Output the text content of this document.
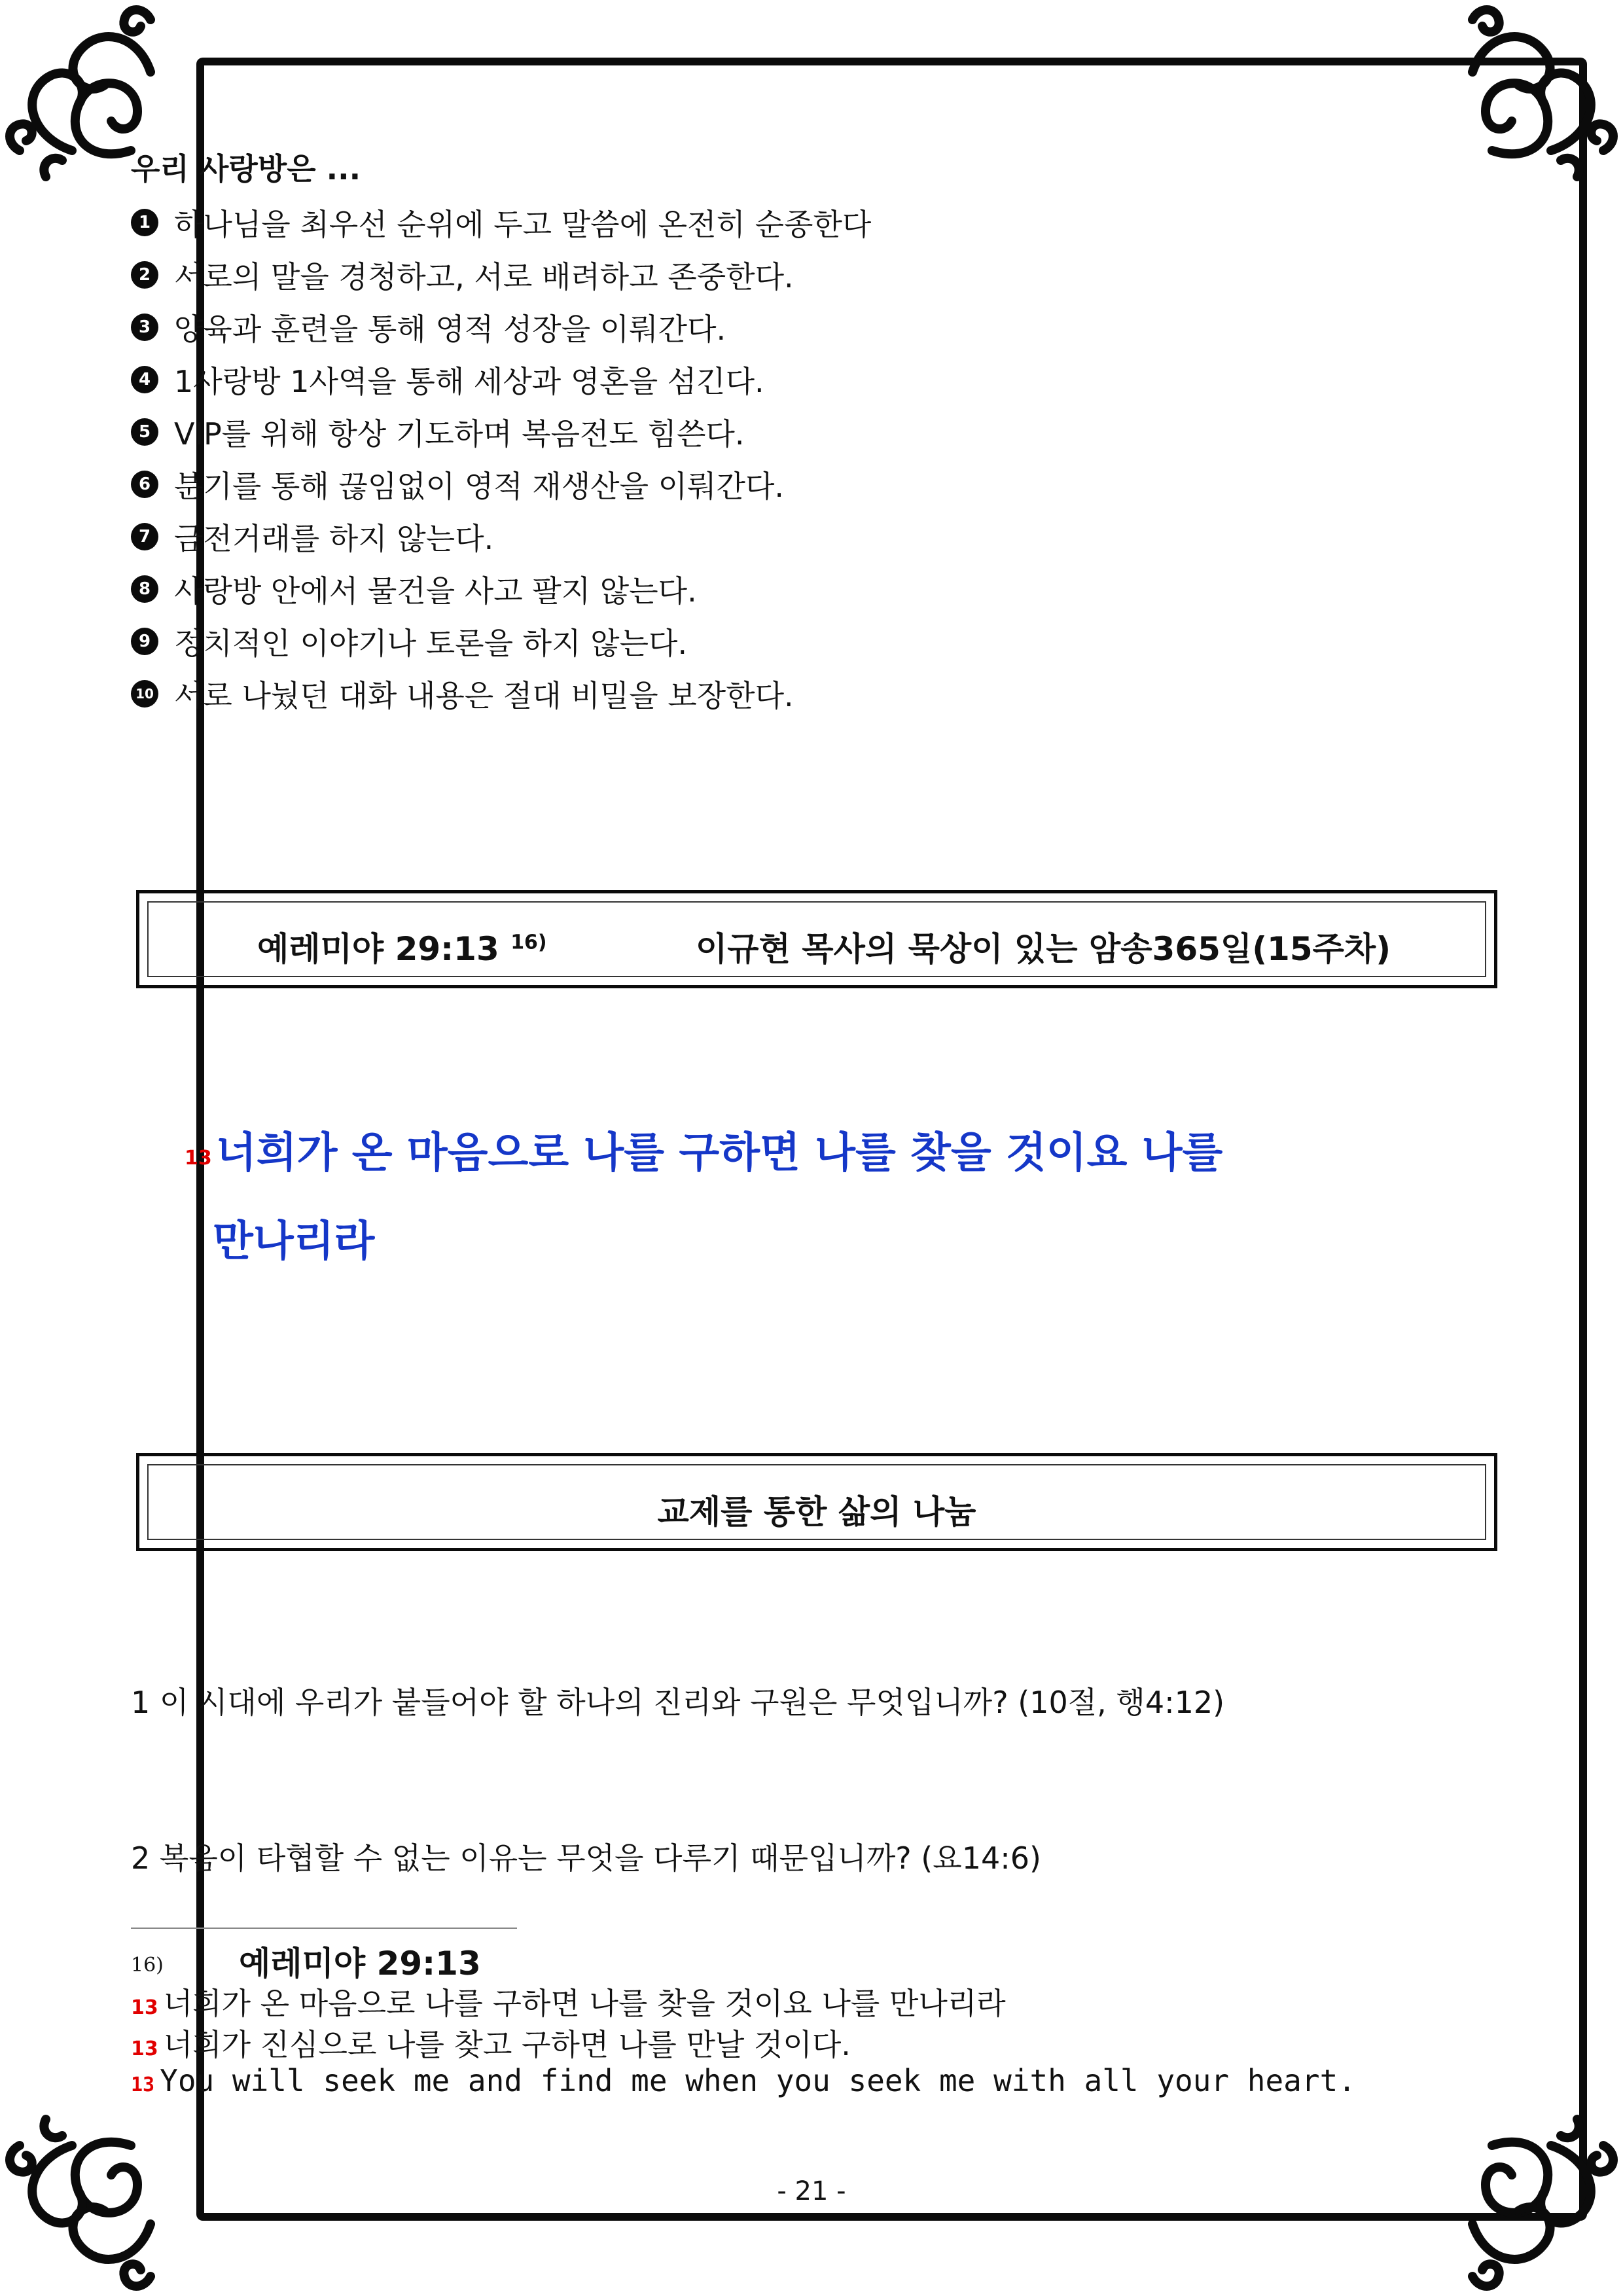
우리 사랑방은 ...
1 하나님을 최우선 순위에 두고 말씀에 온전히 순종한다
2 서로의 말을 경청하고, 서로 배려하고 존중한다.
3 양육과 훈련을 통해 영적 성장을 이뤄간다.
4 1사랑방 1사역을 통해 세상과 영혼을 섬긴다.
5 VIP를 위해 항상 기도하며 복음전도 힘쓴다.
6 분기를 통해 끊임없이 영적 재생산을 이뤄간다.
7 금전거래를 하지 않는다.
8 사랑방 안에서 물건을 사고 팔지 않는다.
9 정치적인 이야기나 토론을 하지 않는다.
10 서로 나눴던 대화 내용은 절대 비밀을 보장한다.
예레미야 29:13 $^{16)}$	이규현 목사의 묵상이 있는 암송365일(15주차)
13 너희가 온 마음으로 나를 구하면 나를 찾을 것이요 나를
만나리라
교제를 통한 삶의 나눔
1 이 시대에 우리가 붙들어야 할 하나의 진리와 구원은 무엇입니까? (10절, 행4:12)
2 복음이 타협할 수 없는 이유는 무엇을 다루기 때문입니까? (요14:6)
16) 예레미야 29:13
13 너희가 온 마음으로 나를 구하면 나를 찾을 것이요 나를 만나리라
13 너희가 진심으로 나를 찾고 구하면 나를 만날 것이다.
13 You will seek me and find me when you seek me with all your heart.
- 21 -
